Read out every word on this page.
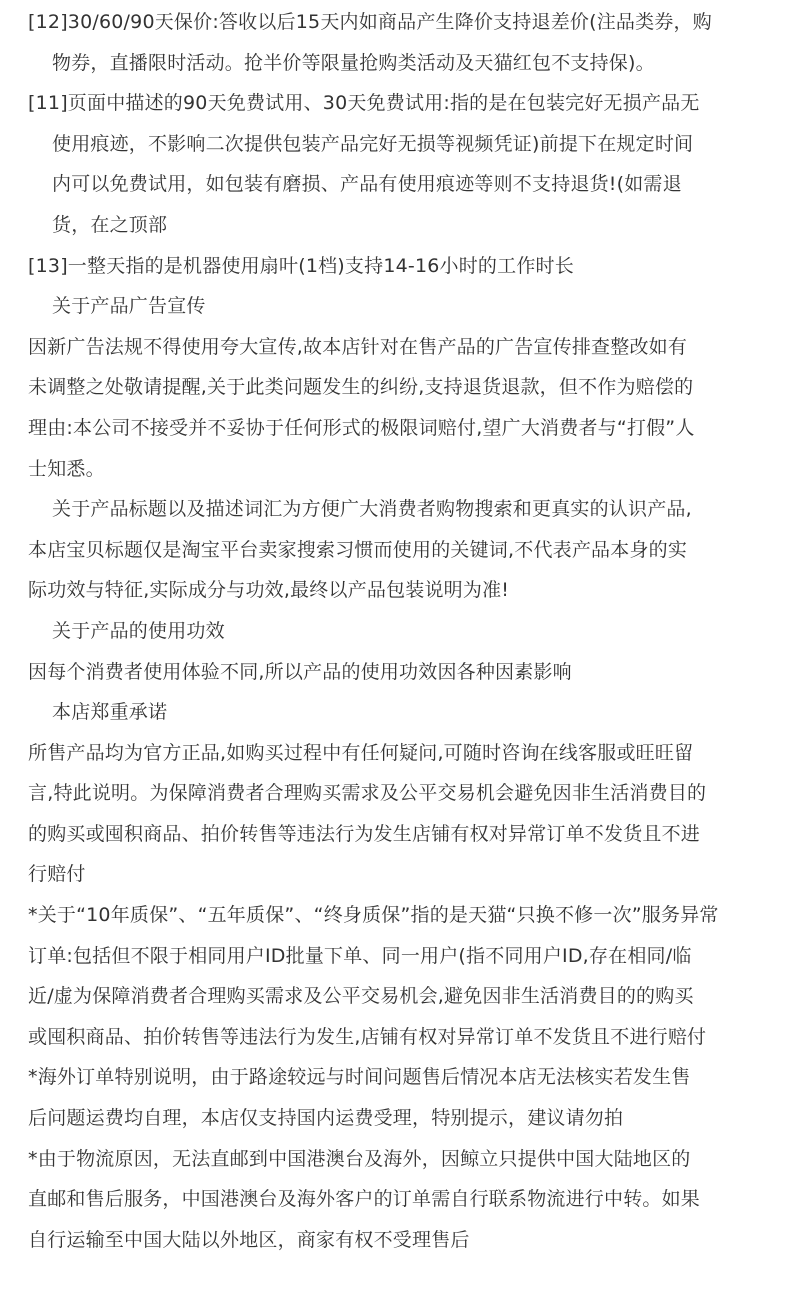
[12]30/60/90天保价:答收以后15天内如商品产生降价支持退差价(注品类券，购
物券，直播限时活动。抢半价等限量抢购类活动及天猫红包不支持保)。
[11]页面中描述的90天免费试用、30天免费试用:指的是在包装完好无损产品无
使用痕迹，不影响二次提供包装产品完好无损等视频凭证)前提下在规定时间
内可以免费试用，如包装有磨损、产品有使用痕迹等则不支持退货!(如需退
货，在之顶部
[13]一整天指的是机器使用扇叶(1档)支持14-16小时的工作时长
关于产品广告宣传
因新广告法规不得使用夸大宣传,故本店针对在售产品的广告宣传排查整改如有
未调整之处敬请提醒,关于此类问题发生的纠纷,支持退货退款，但不作为赔偿的
理由:本公司不接受并不妥协于任何形式的极限词赔付,望广大消费者与“打假”人
士知悉。
关于产品标题以及描述词汇为方便广大消费者购物搜索和更真实的认识产品,
本店宝贝标题仅是淘宝平台卖家搜索习惯而使用的关键词,不代表产品本身的实
际功效与特征,实际成分与功效,最终以产品包装说明为准!
关于产品的使用功效
因每个消费者使用体验不同,所以产品的使用功效因各种因素影响
本店郑重承诺
所售产品均为官方正品,如购买过程中有任何疑问,可随时咨询在线客服或旺旺留
言,特此说明。为保障消费者合理购买需求及公平交易机会避免因非生活消费目的
的购买或囤积商品、拍价转售等违法行为发生店铺有权对异常订单不发货且不进
行赔付
*关于“10年质保”、“五年质保”、“终身质保”指的是天猫“只换不修一次”服务异常
订单:包括但不限于相同用户ID批量下单、同一用户(指不同用户ID,存在相同/临
近/虚为保障消费者合理购买需求及公平交易机会,避免因非生活消费目的的购买
或囤积商品、拍价转售等违法行为发生,店铺有权对异常订单不发货且不进行赔付
*海外订单特别说明，由于路途较远与时间问题售后情况本店无法核实若发生售
后问题运费均自理，本店仅支持国内运费受理，特别提示，建议请勿拍
*由于物流原因，无法直邮到中国港澳台及海外，因鲸立只提供中国大陆地区的
直邮和售后服务，中国港澳台及海外客户的订单需自行联系物流进行中转。如果
自行运输至中国大陆以外地区，商家有权不受理售后
